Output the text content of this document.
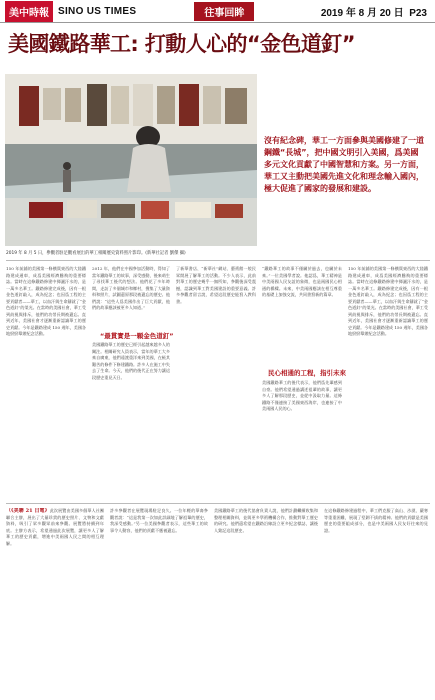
美中時報 SINO US TIMES	往事回眸	2019 年 8 月 20 日 P23
美國鐵路華工: 打動人心的“金色道釘”
2019 年 8 月 5 日，參觀者駐足觀看展出的華工相關歷史資料照片影印。(新華社記者 劉傑 攝)
沒有紀念碑，華工一方面參與美國修建了一道鋼鐵“長城”，把中國文明引入美國，爲美國多元文化貢獻了中國智慧和方案。另一方面，華工又主動把美國先進文化和理念輸入國內，極大促進了國家的發展和建設。
150 年前鋪的美國第一條橫貫東西的大陸鐵路建成通車，成爲美國經濟騰飛的重要標誌。當時在這條鐵路修建中揮灑汗水的，是一萬多名華工。鐵路修建完成後，因有一根金色道釘敲入，成為紀念；也因爲工程的主要貢獻者——華工，以血汗與生命鑄就了“金色道釘”的榮光。在當時的美國社會，華工受到歧視與排斥，他們的功勞長期被遺忘。直到近年，美國社會才逐漸重新認識華工的歷史貢獻。今年是鐵路建成 150 週年，美國各地紛紛舉辦紀念活動。
2012 年，他們在中國參加活動時，得知了當年鐵路華工的故事，深受感動，後來萌生了尋找華工後代的想法。他們花了多年時間，走訪了多個城市和鄉村，搜集了大量資料和照片，試圖還原那段被遺忘的歷史。他們說：“這些人爲美國作出了巨大貢獻，他們的故事應該被更多人知道。”
“最貫實是一顆金色道釘”
美國鐵路華工的歷史已經引起越來越多人的關注。相關研究人員表示，當年的華工大多來自廣東，他們遠渡重洋來到美國，在極其艱苦的條件下修建鐵路。許多人在施工中失去了生命。今天，他們的後代正在努力讓這段歷史重見天日。
了新華書店、“新華社”網站、藝術館一般民眾開展了解華工的活動。不少人表示，此前對華工的歷史幾乎一無所知，參觀後深受震撼，認識到華工對美國建設的重要意義。許多參觀者留言說，希望這段歷史能寫入教科書。
“鐵路華工的故事不僅屬於過去，也屬於未來。”一位美國學者說。他認爲，華工精神是中美兩國人民友誼的象徵，也是兩國民心相通的橋樑。未來，中美兩國應該在相互尊重的基礎上加強交流，共同書寫新的篇章。
民心相通的工程，指引未來
美國鐵路華工的後代表示，他們爲先輩感到自豪。他們希望通過講述祖輩的故事，讓更多人了解那段歷史，並從中汲取力量。這條鐵路不僅連接了美國東西海岸，也連接了中美兩國人民的心。
150 年前鋪的美國第一條橫貫東西的大陸鐵路建成通車，成爲美國經濟騰飛的重要標誌。當時在這條鐵路修建中揮灑汗水的，是一萬多名華工。鐵路修建完成後，因有一根金色道釘敲入，成為紀念；也因爲工程的主要貢獻者——華工，以血汗與生命鑄就了“金色道釘”的榮光。在當時的美國社會，華工受到歧視與排斥，他們的功勞長期被遺忘。直到近年，美國社會才逐漸重新認識華工的歷史貢獻。今年是鐵路建成 150 週年，美國各地紛紛舉辦紀念活動。
（《美聯 21 日電》此次展覽由美國多個華人社團聯合主辦，展出了大量珍貴的歷史照片、文物和文獻資料，吸引了眾多觀眾前來參觀。展覽將持續到年底。主辦方表示，希望通過此次展覽，讓更多人了解華工的歷史貢獻，增進中美兩國人民之間的相互理解。
許多參觀者在展覽現場駐足良久。一位年輕的華裔參觀者說：“這是我第一次如此詳細地了解祖輩的歷史，我深受感動。”另一位美國參觀者表示，這些華工的故事令人動容，他們的貢獻不應被遺忘。
美國鐵路華工的後代協會負責人說，他們計劃繼續收集和整理相關資料，並與更多學術機構合作，推動對華工歷史的研究。他們還希望在鐵路沿線設立更多紀念標誌，讓後人銘記這段歷史。
在這條鐵路修建過程中，華工們克服了高山、沙漠、嚴寒等重重困難，展現了堅韌不拔的精神。他們的貢獻是美國歷史的重要組成部分，也是中美兩國人民友好往來的見證。
